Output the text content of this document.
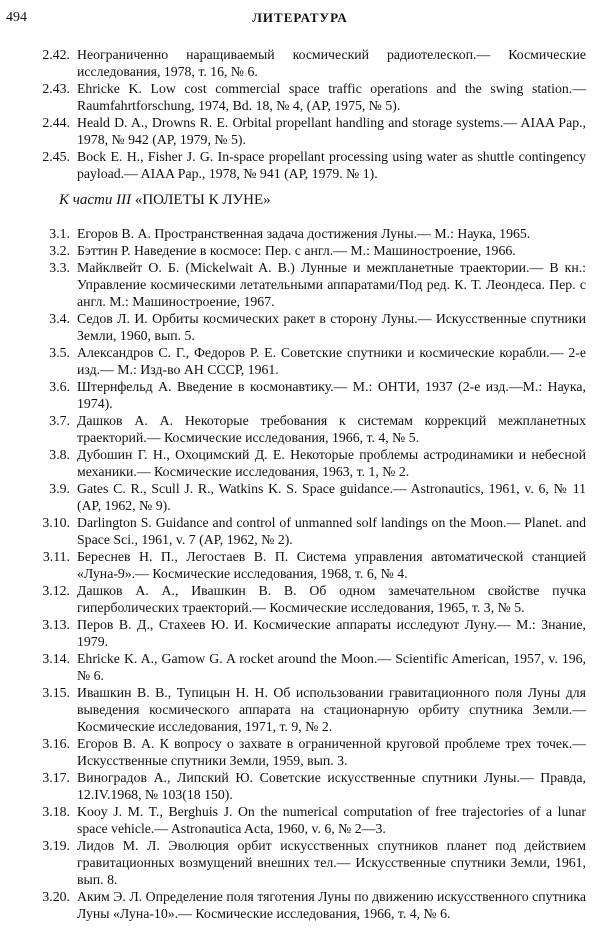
494	ЛИТЕРАТУРА
2.42. Неограниченно наращиваемый космический радиотелескоп.— Космические исследования, 1978, т. 16, № 6.
2.43. Ehricke K. Low cost commercial space traffic operations and the swing station.— Raumfahrtforschung, 1974, Bd. 18, № 4, (AP, 1975, № 5).
2.44. Heald D. A., Drowns R. E. Orbital propellant handling and storage systems.— AIAA Pap., 1978, № 942 (AP, 1979, № 5).
2.45. Bock E. H., Fisher J. G. In-space propellant processing using water as shuttle contingency payload.— AIAA Pap., 1978, № 941 (AP, 1979. № 1).
К части III «ПОЛЕТЫ К ЛУНЕ»
3.1. Егоров В. А. Пространственная задача достижения Луны.— М.: Наука, 1965.
3.2. Бэттин Р. Наведение в космосе: Пер. с англ.— М.: Машиностроение, 1966.
3.3. Майклвейт О. Б. (Mickelwait A. B.) Лунные и межпланетные траектории.— В кн.: Управление космическими летательными аппаратами/Под ред. К. Т. Леондеса. Пер. с англ. М.: Машиностроение, 1967.
3.4. Седов Л. И. Орбиты космических ракет в сторону Луны.— Искусственные спутники Земли, 1960, вып. 5.
3.5. Александров С. Г., Федоров Р. Е. Советские спутники и космические корабли.— 2-е изд.— М.: Изд-во АН СССР, 1961.
3.6. Штернфельд А. Введение в космонавтику.— М.: ОНТИ, 1937 (2-е изд.—М.: Наука, 1974).
3.7. Дашков А. А. Некоторые требования к системам коррекций межпланетных траекторий.— Космические исследования, 1966, т. 4, № 5.
3.8. Дубошин Г. Н., Охоцимский Д. Е. Некоторые проблемы астродинамики и небесной механики.— Космические исследования, 1963, т. 1, № 2.
3.9. Gates C. R., Scull J. R., Watkins K. S. Space guidance.— Astronautics, 1961, v. 6, № 11 (AP, 1962, № 9).
3.10. Darlington S. Guidance and control of unmanned solf landings on the Moon.— Planet. and Space Sci., 1961, v. 7 (AP, 1962, № 2).
3.11. Береснев Н. П., Легостаев В. П. Система управления автоматической станцией «Луна-9».— Космические исследования, 1968, т. 6, № 4.
3.12. Дашков А. А., Ивашкин В. В. Об одном замечательном свойстве пучка гиперболических траекторий.— Космические исследования, 1965, т. 3, № 5.
3.13. Перов В. Д., Стахеев Ю. И. Космические аппараты исследуют Луну.— М.: Знание, 1979.
3.14. Ehricke K. A., Gamow G. A rocket around the Moon.— Scientific American, 1957, v. 196, № 6.
3.15. Ивашкин В. В., Тупицын Н. Н. Об использовании гравитационного поля Луны для выведения космического аппарата на стационарную орбиту спутника Земли.— Космические исследования, 1971, т. 9, № 2.
3.16. Егоров В. А. К вопросу о захвате в ограниченной круговой проблеме трех точек.— Искусственные спутники Земли, 1959, вып. 3.
3.17. Виноградов А., Липский Ю. Советские искусственные спутники Луны.— Правда, 12.IV.1968, № 103(18 150).
3.18. Kooy J. M. T., Berghuis J. On the numerical computation of free trajectories of a lunar space vehicle.— Astronautica Acta, 1960, v. 6, № 2—3.
3.19. Лидов М. Л. Эволюция орбит искусственных спутников планет под действием гравитационных возмущений внешних тел.— Искусственные спутники Земли, 1961, вып. 8.
3.20. Аким Э. Л. Определение поля тяготения Луны по движению искусственного спутника Луны «Луна-10».— Космические исследования, 1966, т. 4, № 6.
